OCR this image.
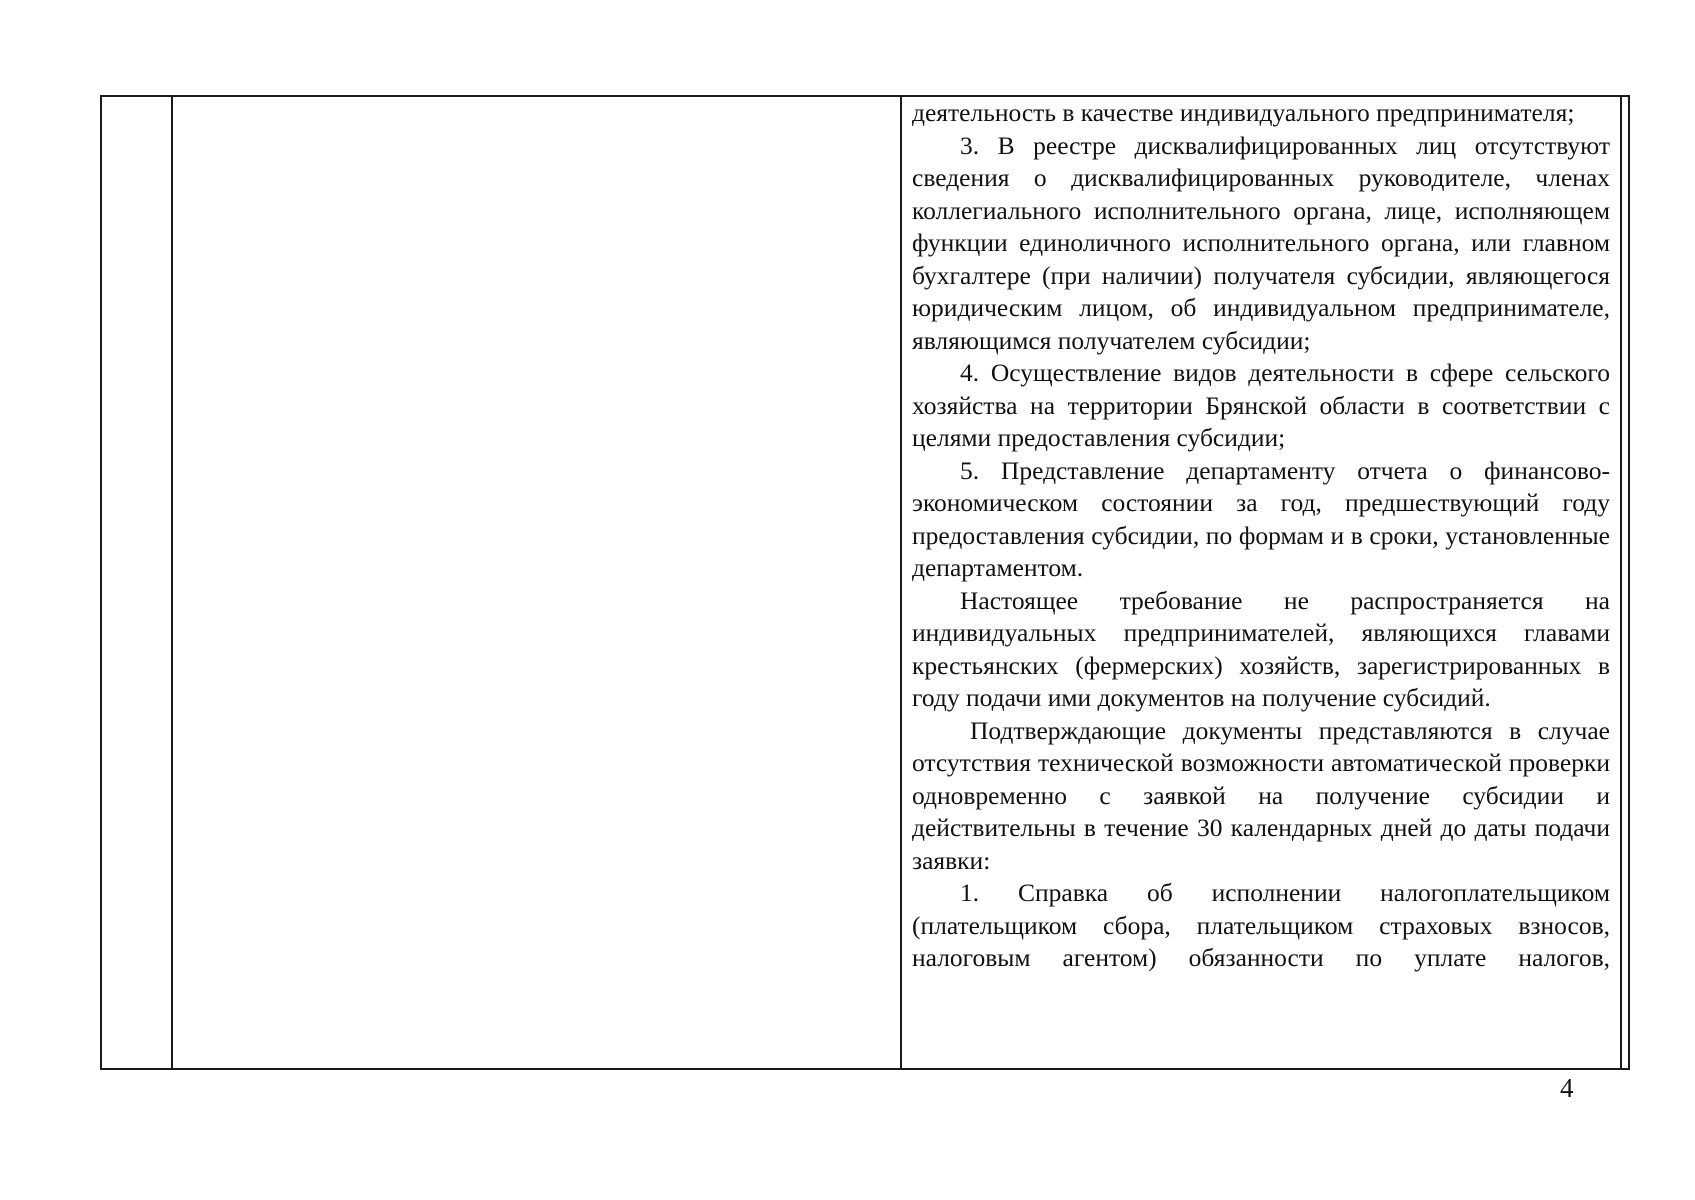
деятельность в качестве индивидуального предпринимателя;

3. В реестре дисквалифицированных лиц отсутствуют сведения о дисквалифицированных руководителе, членах коллегиального исполнительного органа, лице, исполняющем функции единоличного исполнительного органа, или главном бухгалтере (при наличии) получателя субсидии, являющегося юридическим лицом, об индивидуальном предпринимателе, являющимся получателем субсидии;

4. Осуществление видов деятельности в сфере сельского хозяйства на территории Брянской области в соответствии с целями предоставления субсидии;

5. Представление департаменту отчета о финансово-экономическом состоянии за год, предшествующий году предоставления субсидии, по формам и в сроки, установленные департаментом.

Настоящее требование не распространяется на индивидуальных предпринимателей, являющихся главами крестьянских (фермерских) хозяйств, зарегистрированных в году подачи ими документов на получение субсидий.

Подтверждающие документы представляются в случае отсутствия технической возможности автоматической проверки одновременно с заявкой на получение субсидии и действительны в течение 30 календарных дней до даты подачи заявки:

1. Справка об исполнении налогоплательщиком (плательщиком сбора, плательщиком страховых взносов, налоговым агентом) обязанности по уплате налогов,

4
